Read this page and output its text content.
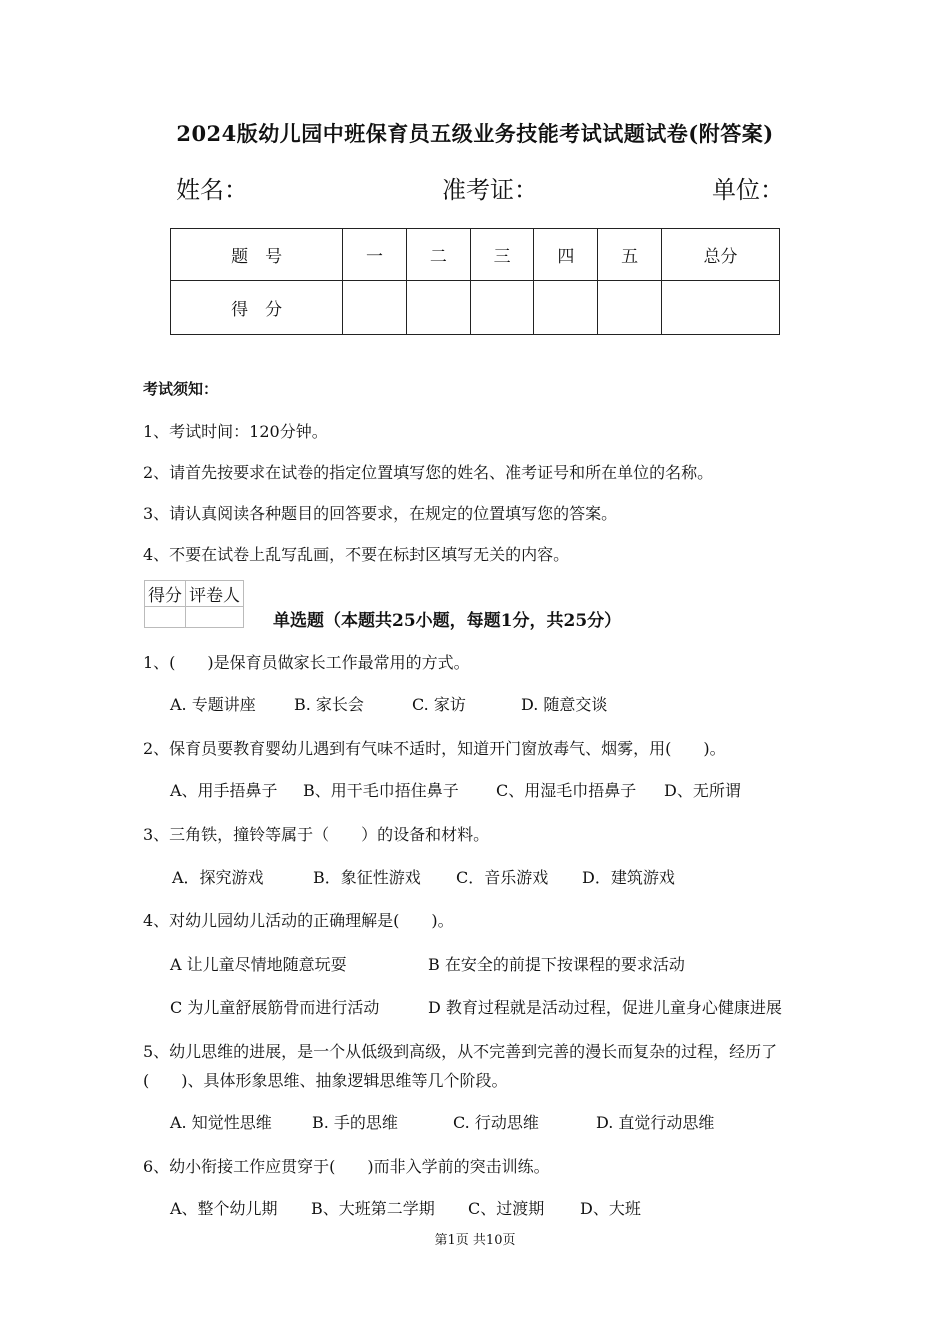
2024版幼儿园中班保育员五级业务技能考试试题试卷(附答案)
姓名：	准考证：	单位：
题　号	一	二	三	四	五	总分
得　分						
考试须知：
1、考试时间：120分钟。
2、请首先按要求在试卷的指定位置填写您的姓名、准考证号和所在单位的名称。
3、请认真阅读各种题目的回答要求，在规定的位置填写您的答案。
4、不要在试卷上乱写乱画，不要在标封区填写无关的内容。
得分	评卷人

单选题（本题共25小题，每题1分，共25分）
1、(　　)是保育员做家长工作最常用的方式。
A. 专题讲座 B. 家长会	C. 家访	D. 随意交谈
2、保育员要教育婴幼儿遇到有气味不适时，知道开门窗放毒气、烟雾，用(　　)。
A、用手捂鼻子 B、用干毛巾捂住鼻子 C、用湿毛巾捂鼻子 D、无所谓
3、三角铁，撞铃等属于（　　）的设备和材料。
A．探究游戏	B．象征性游戏 C．音乐游戏 D．建筑游戏
4、对幼儿园幼儿活动的正确理解是(　　)。
A 让儿童尽情地随意玩耍	B 在安全的前提下按课程的要求活动
C 为儿童舒展筋骨而进行活动	D 教育过程就是活动过程，促进儿童身心健康进展
5、幼儿思维的进展，是一个从低级到高级，从不完善到完善的漫长而复杂的过程，经历了
(　　)、具体形象思维、抽象逻辑思维等几个阶段。
A. 知觉性思维	B. 手的思维	C. 行动思维	D. 直觉行动思维
6、幼小衔接工作应贯穿于(　　)而非入学前的突击训练。
A、整个幼儿期 B、大班第二学期 C、过渡期 D、大班
第1页 共10页
